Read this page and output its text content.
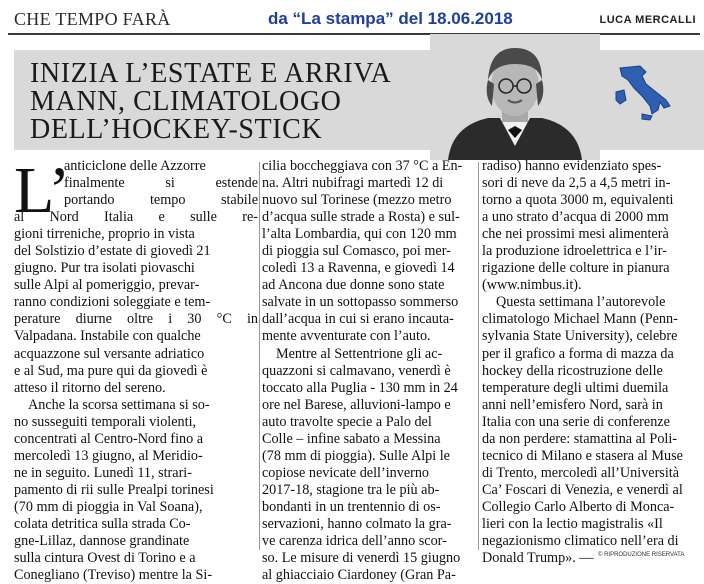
CHE TEMPO FARÀ	da “La stampa” del 18.06.2018	LUCA MERCALLI
INIZIA L’ESTATE E ARRIVA
MANN, CLIMATOLOGO
DELL’HOCKEY-STICK
L’
anticiclone delle Azzorre
finalmente si estende
portando tempo stabile
al Nord Italia e sulle re-
gioni tirreniche, proprio in vista
del Solstizio d’estate di giovedì 21
giugno. Pur tra isolati piovaschi
sulle Alpi al pomeriggio, prevar-
ranno condizioni soleggiate e tem-
perature diurne oltre i 30 °C in
Valpadana. Instabile con qualche
acquazzone sul versante adriatico
e al Sud, ma pure qui da giovedì è
atteso il ritorno del sereno.
Anche la scorsa settimana si so-
no susseguiti temporali violenti,
concentrati al Centro-Nord fino a
mercoledì 13 giugno, al Meridio-
ne in seguito. Lunedì 11, strari-
pamento di rii sulle Prealpi torinesi
(70 mm di pioggia in Val Soana),
colata detritica sulla strada Co-
gne-Lillaz, dannose grandinate
sulla cintura Ovest di Torino e a
Conegliano (Treviso) mentre la Si-
cilia boccheggiava con 37 °C a En-
na. Altri nubifragi martedì 12 di
nuovo sul Torinese (mezzo metro
d’acqua sulle strade a Rosta) e sul-
l’alta Lombardia, qui con 120 mm
di pioggia sul Comasco, poi mer-
coledì 13 a Ravenna, e giovedì 14
ad Ancona due donne sono state
salvate in un sottopasso sommerso
dall’acqua in cui si erano incauta-
mente avventurate con l’auto.
Mentre al Settentrione gli ac-
quazzoni si calmavano, venerdì è
toccato alla Puglia - 130 mm in 24
ore nel Barese, alluvioni-lampo e
auto travolte specie a Palo del
Colle – infine sabato a Messina
(78 mm di pioggia). Sulle Alpi le
copiose nevicate dell’inverno
2017-18, stagione tra le più ab-
bondanti in un trentennio di os-
servazioni, hanno colmato la gra-
ve carenza idrica dell’anno scor-
so. Le misure di venerdì 15 giugno
al ghiacciaio Ciardoney (Gran Pa-
radiso) hanno evidenziato spes-
sori di neve da 2,5 a 4,5 metri in-
torno a quota 3000 m, equivalenti
a uno strato d’acqua di 2000 mm
che nei prossimi mesi alimenterà
la produzione idroelettrica e l’ir-
rigazione delle colture in pianura
(www.nimbus.it).
Questa settimana l’autorevole
climatologo Michael Mann (Penn-
sylvania State University), celebre
per il grafico a forma di mazza da
hockey della ricostruzione delle
temperature degli ultimi duemila
anni nell’emisfero Nord, sarà in
Italia con una serie di conferenze
da non perdere: stamattina al Poli-
tecnico di Milano e stasera al Muse
di Trento, mercoledì all’Università
Ca’ Foscari di Venezia, e venerdì al
Collegio Carlo Alberto di Monca-
lieri con la lectio magistralis «Il
negazionismo climatico nell’era di
Donald Trump». — © RIPRODUZIONE RISERVATA
